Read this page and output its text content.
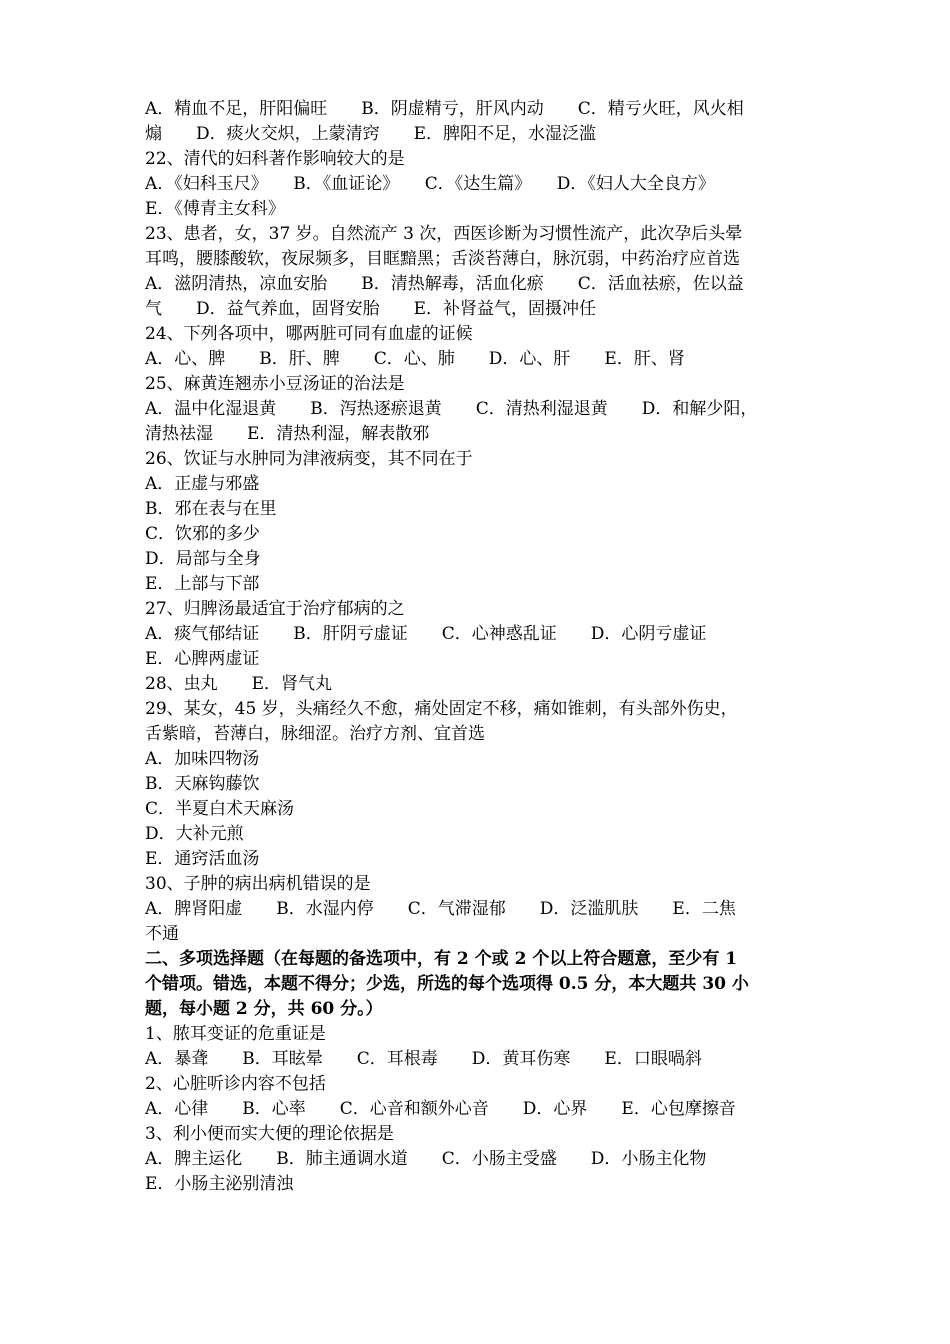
A．精血不足，肝阳偏旺　　B．阴虚精亏，肝风内动　　C．精亏火旺，风火相
煽　　D．痰火交炽，上蒙清窍　　E．脾阳不足，水湿泛滥
22、清代的妇科著作影响较大的是
A．《妇科玉尺》　　B．《血证论》　　C．《达生篇》　　D．《妇人大全良方》
E．《傅青主女科》
23、患者，女，37 岁。自然流产 3 次，西医诊断为习惯性流产，此次孕后头晕
耳鸣，腰膝酸软，夜尿频多，目眶黯黑；舌淡苔薄白，脉沉弱，中药治疗应首选
A．滋阴清热，凉血安胎　　B．清热解毒，活血化瘀　　C．活血祛瘀，佐以益
气　　D．益气养血，固肾安胎　　E．补肾益气，固摄冲任
24、下列各项中，哪两脏可同有血虚的证候
A．心、脾　　B．肝、脾　　C．心、肺　　D．心、肝　　E．肝、肾
25、麻黄连翘赤小豆汤证的治法是
A．温中化湿退黄　　B．泻热逐瘀退黄　　C．清热利湿退黄　　D．和解少阳，
清热祛湿　　E．清热利湿，解表散邪
26、饮证与水肿同为津液病变，其不同在于
A．正虚与邪盛
B．邪在表与在里
C．饮邪的多少
D．局部与全身
E．上部与下部
27、归脾汤最适宜于治疗郁病的之
A．痰气郁结证　　B．肝阴亏虚证　　C．心神惑乱证　　D．心阴亏虚证
E．心脾两虚证
28、虫丸　　E．肾气丸
29、某女，45 岁，头痛经久不愈，痛处固定不移，痛如锥刺，有头部外伤史，
舌紫暗，苔薄白，脉细涩。治疗方剂、宜首选
A．加味四物汤
B．天麻钩藤饮
C．半夏白术天麻汤
D．大补元煎
E．通窍活血汤
30、子肿的病出病机错误的是
A．脾肾阳虚　　B．水湿内停　　C．气滞湿郁　　D．泛滥肌肤　　E．二焦
不通
二、多项选择题（在每题的备选项中，有 2 个或 2 个以上符合题意，至少有 1
个错项。错选，本题不得分；少选，所选的每个选项得 0.5 分，本大题共 30 小
题，每小题 2 分，共 60 分。）
1、脓耳变证的危重证是
A．暴聋　　B．耳眩晕　　C．耳根毒　　D．黄耳伤寒　　E．口眼喎斜
2、心脏听诊内容不包括
A．心律　　B．心率　　C．心音和额外心音　　D．心界　　E．心包摩擦音
3、利小便而实大便的理论依据是
A．脾主运化　　B．肺主通调水道　　C．小肠主受盛　　D．小肠主化物
E．小肠主泌别清浊
